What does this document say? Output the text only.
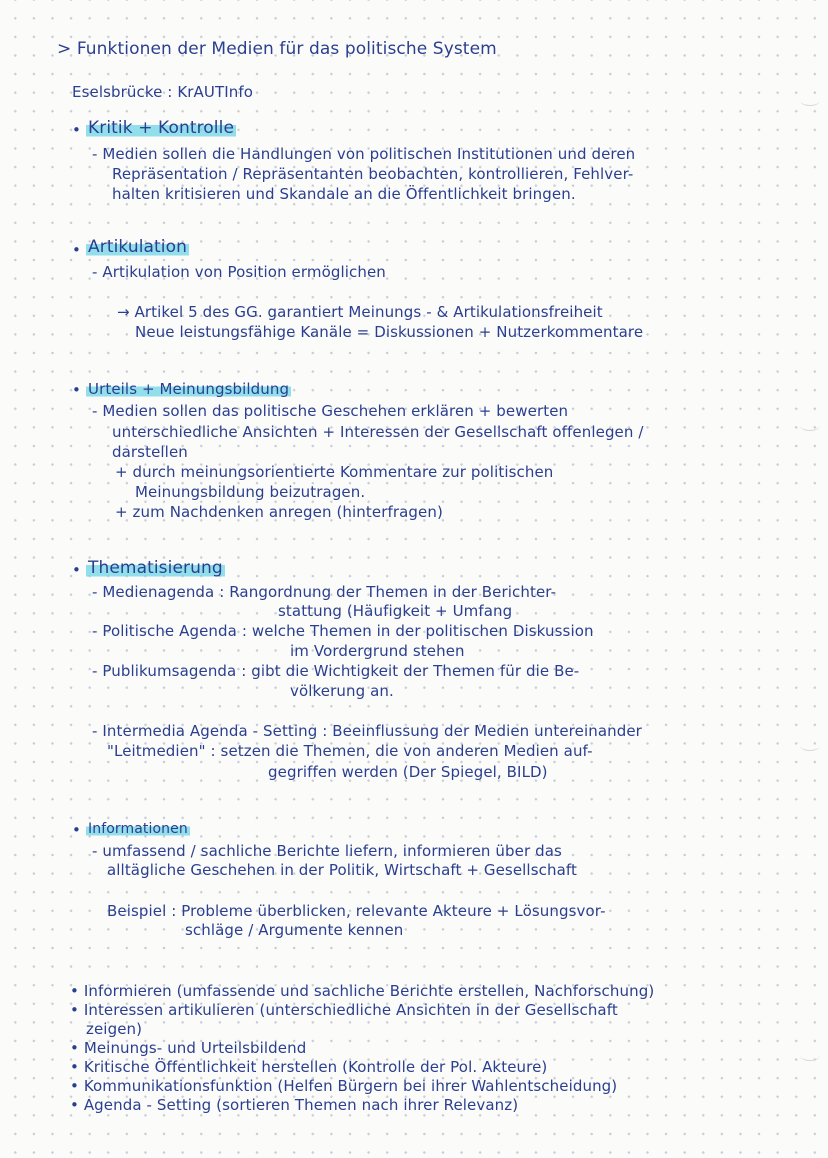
> Funktionen der Medien für das politische System
Eselsbrücke : KrAUTInfo
• Kritik + Kontrolle
- Medien sollen die Handlungen von politischen Institutionen und deren
Repräsentation / Repräsentanten beobachten, kontrollieren, Fehlver-
halten kritisieren und Skandale an die Öffentlichkeit bringen.
• Artikulation
- Artikulation von Position ermöglichen
→ Artikel 5 des GG. garantiert Meinungs - & Artikulationsfreiheit
Neue leistungsfähige Kanäle = Diskussionen + Nutzerkommentare
• Urteils + Meinungsbildung
- Medien sollen das politische Geschehen erklären + bewerten
unterschiedliche Ansichten + Interessen der Gesellschaft offenlegen /
darstellen
+ durch meinungsorientierte Kommentare zur politischen
Meinungsbildung beizutragen.
+ zum Nachdenken anregen (hinterfragen)
• Thematisierung
- Medienagenda : Rangordnung der Themen in der Berichter-
stattung (Häufigkeit + Umfang
- Politische Agenda : welche Themen in der politischen Diskussion
im Vordergrund stehen
- Publikumsagenda : gibt die Wichtigkeit der Themen für die Be-
völkerung an.
- Intermedia Agenda - Setting : Beeinflussung der Medien untereinander
"Leitmedien" : setzen die Themen, die von anderen Medien auf-
gegriffen werden (Der Spiegel, BILD)
• Informationen
- umfassend / sachliche Berichte liefern, informieren über das
alltägliche Geschehen in der Politik, Wirtschaft + Gesellschaft
Beispiel : Probleme überblicken, relevante Akteure + Lösungsvor-
schläge / Argumente kennen
• Informieren (umfassende und sachliche Berichte erstellen, Nachforschung)
• Interessen artikulieren (unterschiedliche Ansichten in der Gesellschaft
zeigen)
• Meinungs- und Urteilsbildend
• Kritische Öffentlichkeit herstellen (Kontrolle der Pol. Akteure)
• Kommunikationsfunktion (Helfen Bürgern bei ihrer Wahlentscheidung)
• Agenda - Setting (sortieren Themen nach ihrer Relevanz)
